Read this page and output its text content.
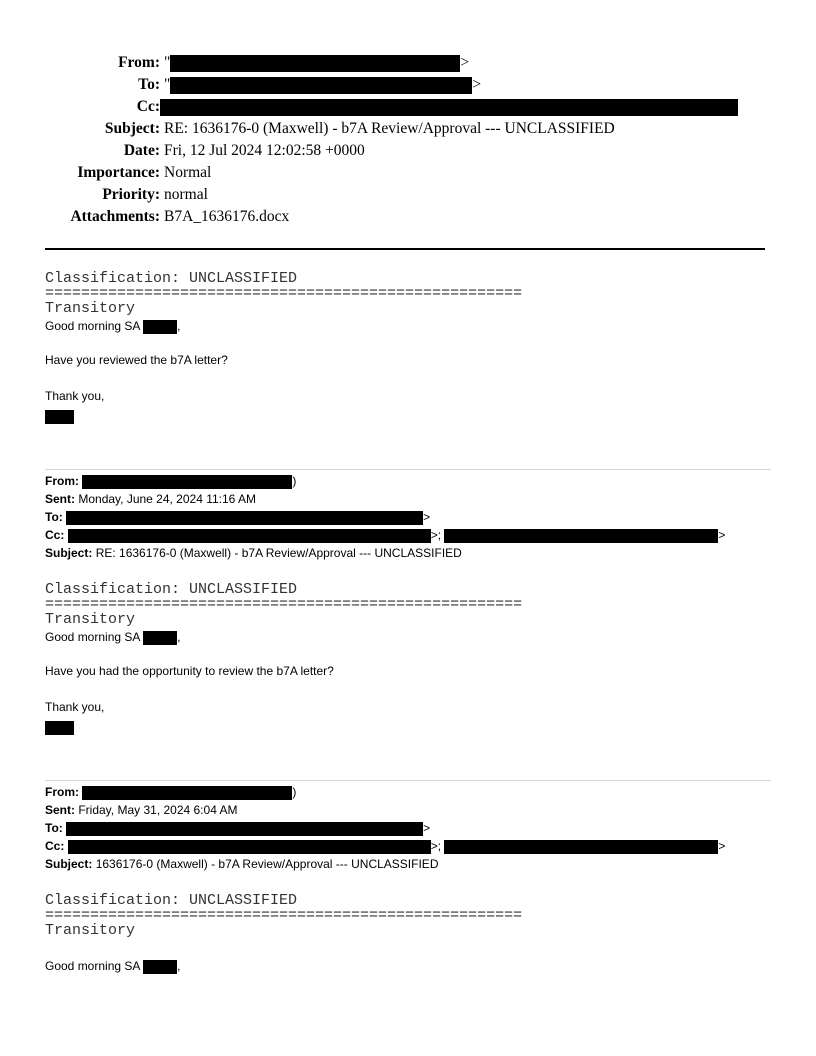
From: "	>
To: "	>
Cc:
Subject: RE: 1636176-0 (Maxwell) - b7A Review/Approval --- UNCLASSIFIED
Date: Fri, 12 Jul 2024 12:02:58 +0000
Importance: Normal
Priority: normal
Attachments: B7A_1636176.docx
Classification: UNCLASSIFIED
=====================================================
Transitory
Good morning SA	,
Have you reviewed the b7A letter?
Thank you,
From:	)
Sent: Monday, June 24, 2024 11:16 AM
To:	>
Cc:	>;	>
Subject: RE: 1636176-0 (Maxwell) - b7A Review/Approval --- UNCLASSIFIED
Classification: UNCLASSIFIED
=====================================================
Transitory
Good morning SA	,
Have you had the opportunity to review the b7A letter?
Thank you,
From:	)
Sent: Friday, May 31, 2024 6:04 AM
To:	>
Cc:	>;	>
Subject: 1636176-0 (Maxwell) - b7A Review/Approval --- UNCLASSIFIED
Classification: UNCLASSIFIED
=====================================================
Transitory
Good morning SA	,
